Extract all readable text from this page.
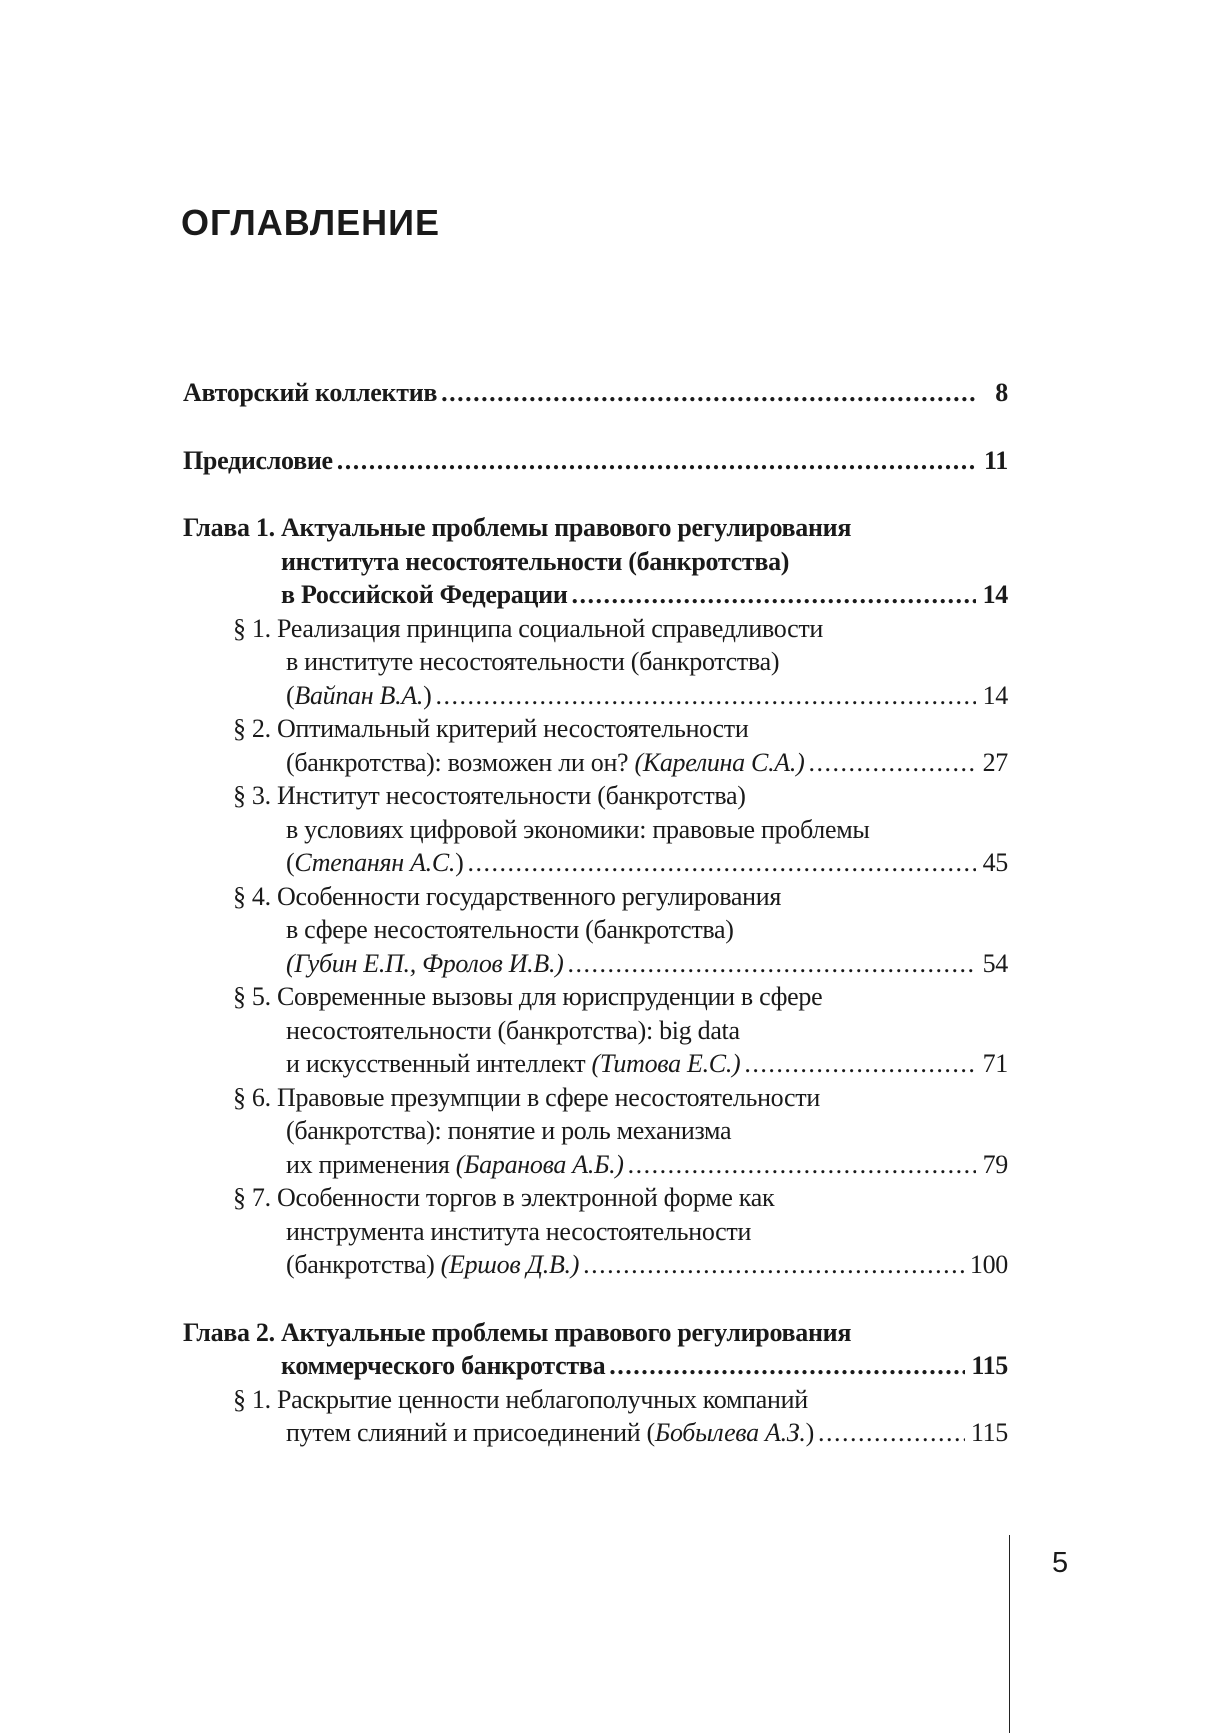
ОГЛАВЛЕНИЕ
Авторский коллектив .....	8
Предисловие .....	11
Глава 1. Актуальные проблемы правового регулирования
института несостоятельности (банкротства)
в Российской Федерации .....	14
§ 1. Реализация принципа социальной справедливости
в институте несостоятельности (банкротства)
(Вайпан В.А.) .....	14
§ 2. Оптимальный критерий несостоятельности
(банкротства): возможен ли он? (Карелина С.А.) .....	27
§ 3. Институт несостоятельности (банкротства)
в условиях цифровой экономики: правовые проблемы
(Степанян А.С.) .....	45
§ 4. Особенности государственного регулирования
в сфере несостоятельности (банкротства)
(Губин Е.П., Фролов И.В.) .....	54
§ 5. Современные вызовы для юриспруденции в сфере
несостоятельности (банкротства): big data
и искусственный интеллект (Титова Е.С.) .....	71
§ 6. Правовые презумпции в сфере несостоятельности
(банкротства): понятие и роль механизма
их применения (Баранова А.Б.) .....	79
§ 7. Особенности торгов в электронной форме как
инструмента института несостоятельности
(банкротства) (Ершов Д.В.) .....	100
Глава 2. Актуальные проблемы правового регулирования
коммерческого банкротства .....	115
§ 1. Раскрытие ценности неблагополучных компаний
путем слияний и присоединений (Бобылева А.З.) .....	115
5
